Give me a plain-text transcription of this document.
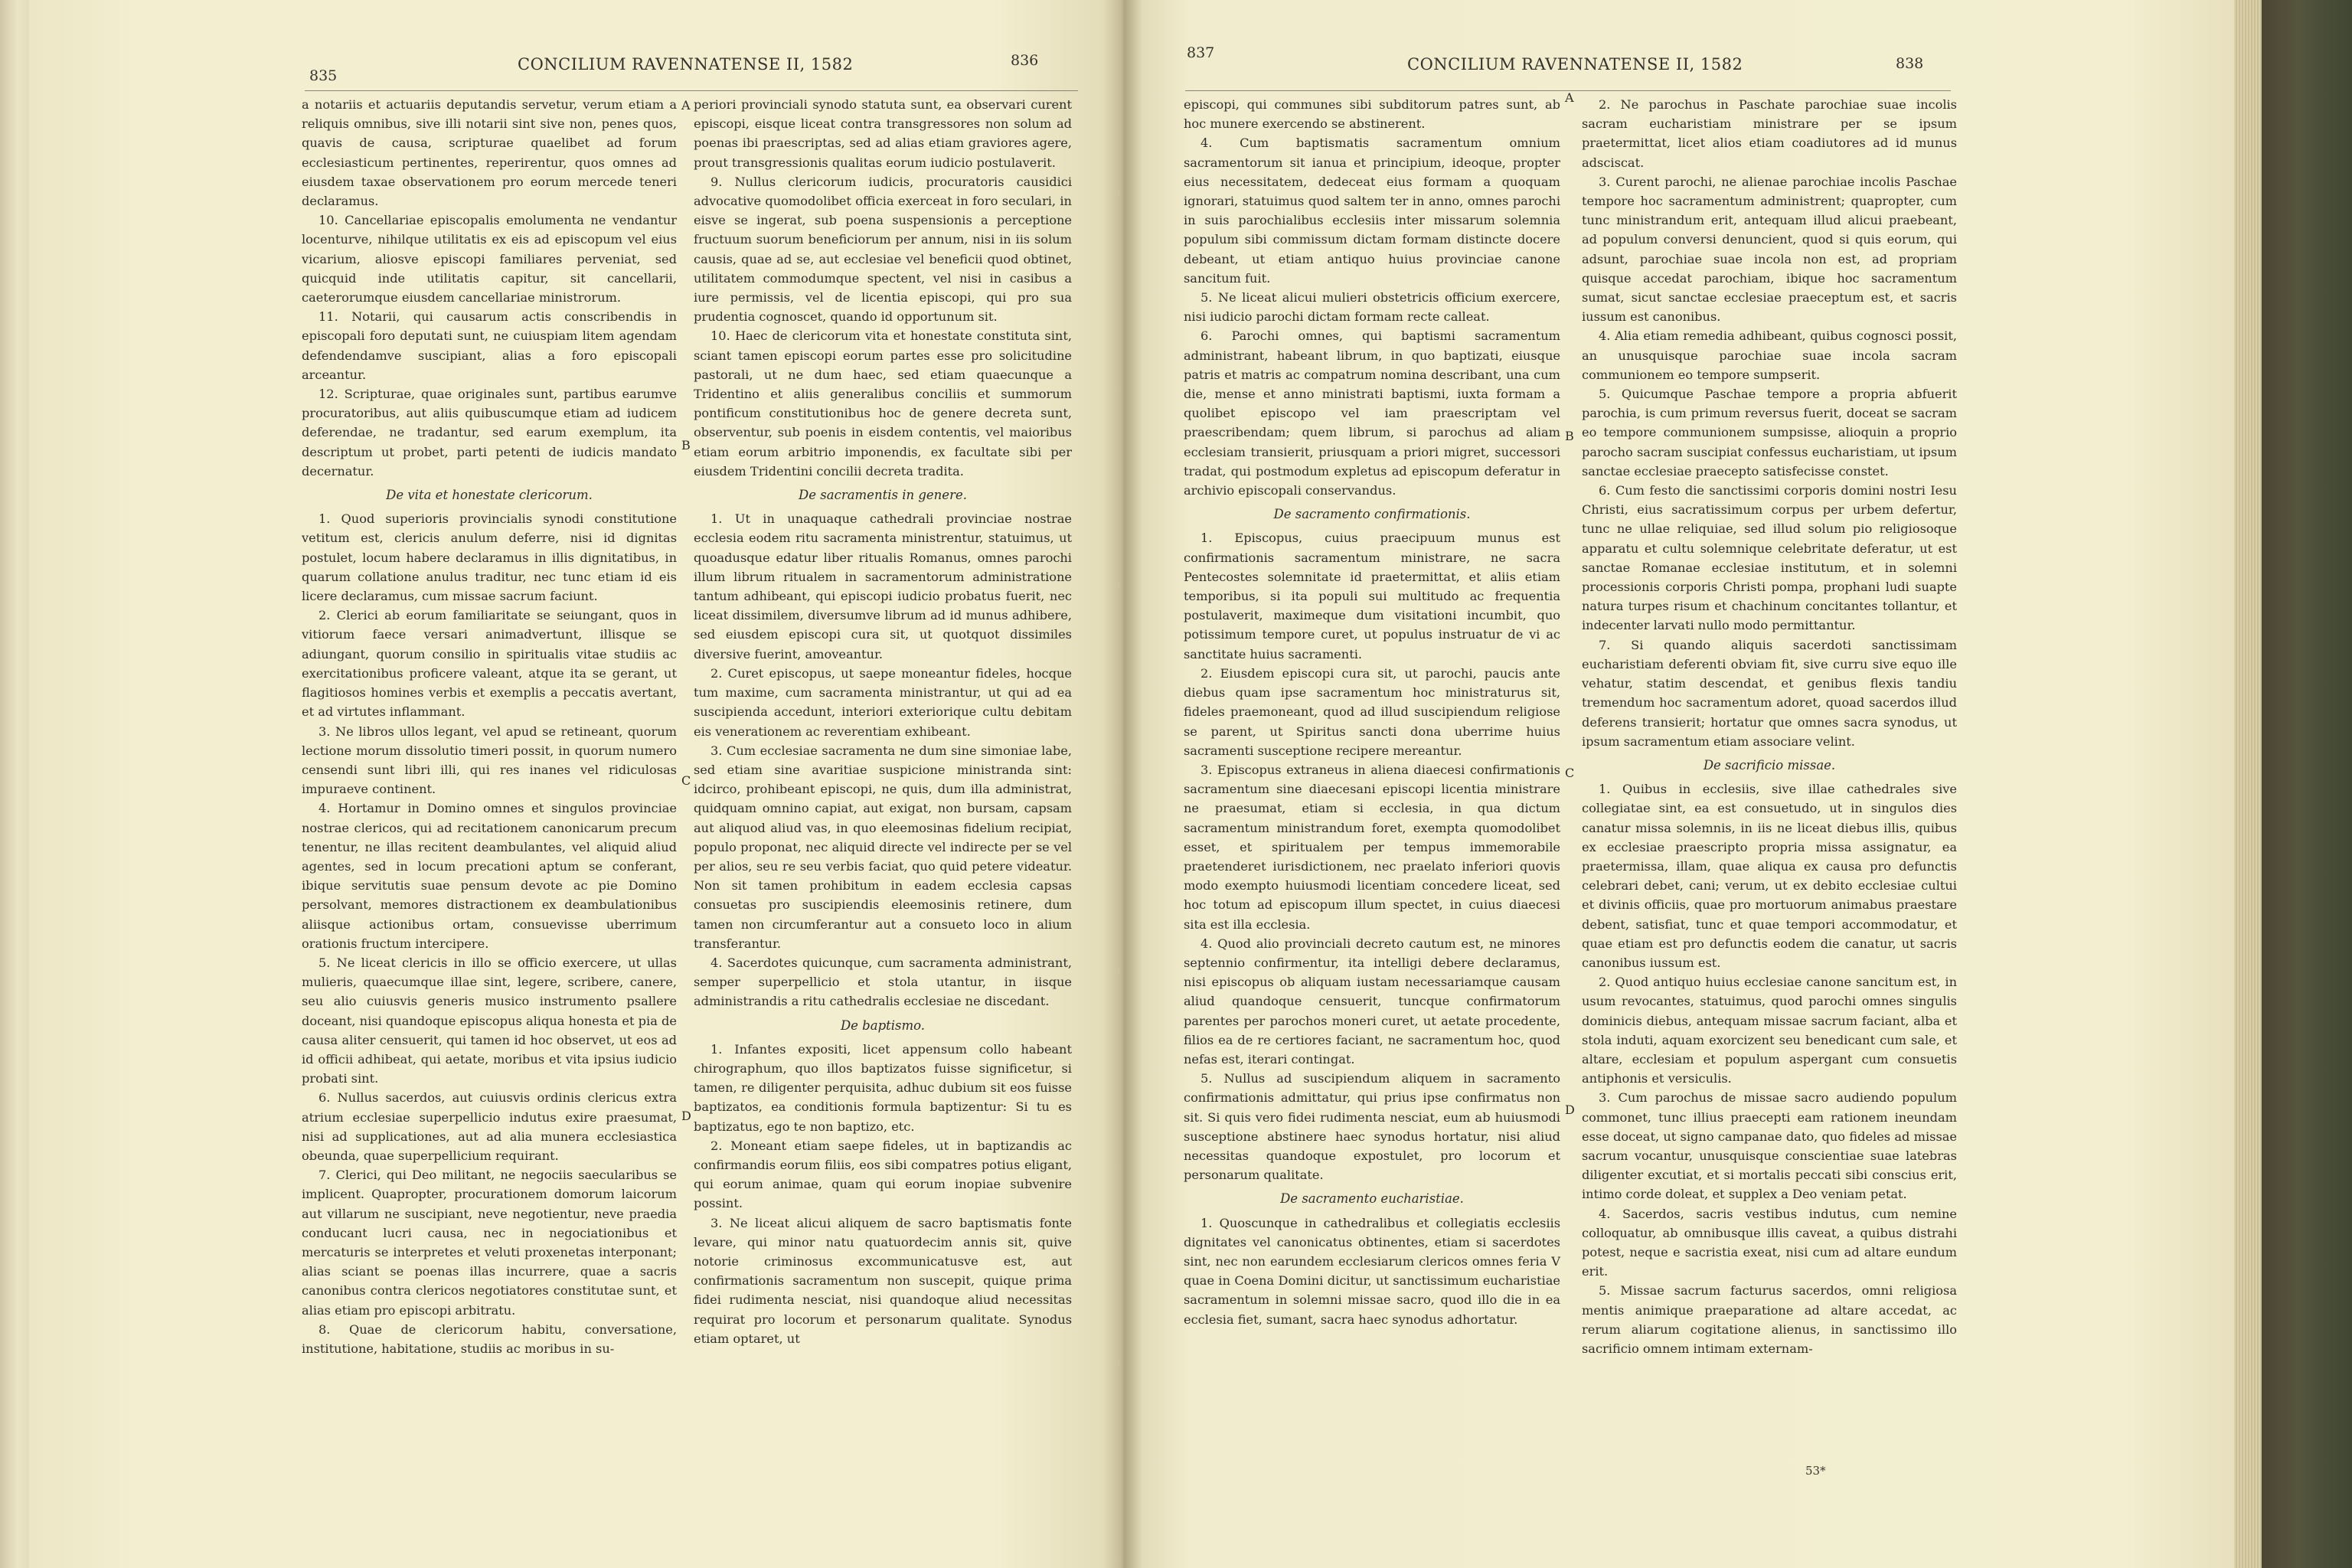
835
CONCILIUM RAVENNATENSE II, 1582	836

a notariis et actuariis deputandis servetur, verum etiam a reliquis omnibus, sive illi notarii sint sive non, penes quos, quavis de causa, scripturae quaelibet ad forum ecclesiasticum pertinentes, reperirentur, quos omnes ad eiusdem taxae observationem pro eorum mercede teneri declaramus.

10. Cancellariae episcopalis emolumenta ne vendantur locenturve, nihilque utilitatis ex eis ad episcopum vel eius vicarium, aliosve episcopi familiares perveniat, sed quicquid inde utilitatis capitur, sit cancellarii, caeterorumque eiusdem cancellariae ministrorum.

11. Notarii, qui causarum actis conscribendis in episcopali foro deputati sunt, ne cuiuspiam litem agendam defendendamve suscipiant, alias a foro episcopali arceantur.

12. Scripturae, quae originales sunt, partibus earumve procuratoribus, aut aliis quibuscumque etiam ad iudicem deferendae, ne tradantur, sed earum exemplum, ita descriptum ut probet, parti petenti de iudicis mandato decernatur.

De vita et honestate clericorum.

1. Quod superioris provincialis synodi constitutione vetitum est, clericis anulum deferre, nisi id dignitas postulet, locum habere declaramus in illis dignitatibus, in quarum collatione anulus traditur, nec tunc etiam id eis licere declaramus, cum missae sacrum faciunt.

2. Clerici ab eorum familiaritate se seiungant, quos in vitiorum faece versari animadvertunt, illisque se adiungant, quorum consilio in spiritualis vitae studiis ac exercitationibus proficere valeant, atque ita se gerant, ut flagitiosos homines verbis et exemplis a peccatis avertant, et ad virtutes inflammant.

3. Ne libros ullos legant, vel apud se retineant, quorum lectione morum dissolutio timeri possit, in quorum numero censendi sunt libri illi, qui res inanes vel ridiculosas impuraeve continent.

4. Hortamur in Domino omnes et singulos provinciae nostrae clericos, qui ad recitationem canonicarum precum tenentur, ne illas recitent deambulantes, vel aliquid aliud agentes, sed in locum precationi aptum se conferant, ibique servitutis suae pensum devote ac pie Domino persolvant, memores distractionem ex deambulationibus aliisque actionibus ortam, consuevisse uberrimum orationis fructum intercipere.

5. Ne liceat clericis in illo se officio exercere, ut ullas mulieris, quaecumque illae sint, legere, scribere, canere, seu alio cuiusvis generis musico instrumento psallere doceant, nisi quandoque episcopus aliqua honesta et pia de causa aliter censuerit, qui tamen id hoc observet, ut eos ad id officii adhibeat, qui aetate, moribus et vita ipsius iudicio probati sint.

6. Nullus sacerdos, aut cuiusvis ordinis clericus extra atrium ecclesiae superpellicio indutus exire praesumat, nisi ad supplicationes, aut ad alia munera ecclesiastica obeunda, quae superpellicium requirant.

7. Clerici, qui Deo militant, ne negociis saecularibus se implicent. Quapropter, procurationem domorum laicorum aut villarum ne suscipiant, neve negotientur, neve praedia conducant lucri causa, nec in negociationibus et mercaturis se interpretes et veluti proxenetas interponant; alias sciant se poenas illas incurrere, quae a sacris canonibus contra clericos negotiatores constitutae sunt, et alias etiam pro episcopi arbitratu.

8. Quae de clericorum habitu, conversatione, institutione, habitatione, studiis ac moribus in su-

periori provinciali synodo statuta sunt, ea observari curent episcopi, eisque liceat contra transgressores non solum ad poenas ibi praescriptas, sed ad alias etiam graviores agere, prout transgressionis qualitas eorum iudicio postulaverit.

9. Nullus clericorum iudicis, procuratoris causidici advocative quomodolibet officia exerceat in foro seculari, in eisve se ingerat, sub poena suspensionis a perceptione fructuum suorum beneficiorum per annum, nisi in iis solum causis, quae ad se, aut ecclesiae vel beneficii quod obtinet, utilitatem commodumque spectent, vel nisi in casibus a iure permissis, vel de licentia episcopi, qui pro sua prudentia cognoscet, quando id opportunum sit.

10. Haec de clericorum vita et honestate constituta sint, sciant tamen episcopi eorum partes esse pro solicitudine pastorali, ut ne dum haec, sed etiam quaecunque a Tridentino et aliis generalibus conciliis et summorum pontificum constitutionibus hoc de genere decreta sunt, observentur, sub poenis in eisdem contentis, vel maioribus etiam eorum arbitrio imponendis, ex facultate sibi per eiusdem Tridentini concilii decreta tradita.

De sacramentis in genere.

1. Ut in unaquaque cathedrali provinciae nostrae ecclesia eodem ritu sacramenta ministrentur, statuimus, ut quoadusque edatur liber ritualis Romanus, omnes parochi illum librum ritualem in sacramentorum administratione tantum adhibeant, qui episcopi iudicio probatus fuerit, nec liceat dissimilem, diversumve librum ad id munus adhibere, sed eiusdem episcopi cura sit, ut quotquot dissimiles diversive fuerint, amoveantur.

2. Curet episcopus, ut saepe moneantur fideles, hocque tum maxime, cum sacramenta ministrantur, ut qui ad ea suscipienda accedunt, interiori exteriorique cultu debitam eis venerationem ac reverentiam exhibeant.

3. Cum ecclesiae sacramenta ne dum sine simoniae labe, sed etiam sine avaritiae suspicione ministranda sint: idcirco, prohibeant episcopi, ne quis, dum illa administrat, quidquam omnino capiat, aut exigat, non bursam, capsam aut aliquod aliud vas, in quo eleemosinas fidelium recipiat, populo proponat, nec aliquid directe vel indirecte per se vel per alios, seu re seu verbis faciat, quo quid petere videatur. Non sit tamen prohibitum in eadem ecclesia capsas consuetas pro suscipiendis eleemosinis retinere, dum tamen non circumferantur aut a consueto loco in alium transferantur.

4. Sacerdotes quicunque, cum sacramenta administrant, semper superpellicio et stola utantur, in iisque administrandis a ritu cathedralis ecclesiae ne discedant.

De baptismo.

1. Infantes expositi, licet appensum collo habeant chirographum, quo illos baptizatos fuisse significetur, si tamen, re diligenter perquisita, adhuc dubium sit eos fuisse baptizatos, ea conditionis formula baptizentur: Si tu es baptizatus, ego te non baptizo, etc.

2. Moneant etiam saepe fideles, ut in baptizandis ac confirmandis eorum filiis, eos sibi compatres potius eligant, qui eorum animae, quam qui eorum inopiae subvenire possint.

3. Ne liceat alicui aliquem de sacro baptismatis fonte levare, qui minor natu quatuordecim annis sit, quive notorie criminosus excommunicatusve est, aut confirmationis sacramentum non suscepit, quique prima fidei rudimenta nesciat, nisi quandoque aliud necessitas requirat pro locorum et personarum qualitate. Synodus etiam optaret, ut

A
B
C
D
837
CONCILIUM RAVENNATENSE II, 1582	838

episcopi, qui communes sibi subditorum patres sunt, ab hoc munere exercendo se abstinerent.

4. Cum baptismatis sacramentum omnium sacramentorum sit ianua et principium, ideoque, propter eius necessitatem, dedeceat eius formam a quoquam ignorari, statuimus quod saltem ter in anno, omnes parochi in suis parochialibus ecclesiis inter missarum solemnia populum sibi commissum dictam formam distincte docere debeant, ut etiam antiquo huius provinciae canone sancitum fuit.

5. Ne liceat alicui mulieri obstetricis officium exercere, nisi iudicio parochi dictam formam recte calleat.

6. Parochi omnes, qui baptismi sacramentum administrant, habeant librum, in quo baptizati, eiusque patris et matris ac compatrum nomina describant, una cum die, mense et anno ministrati baptismi, iuxta formam a quolibet episcopo vel iam praescriptam vel praescribendam; quem librum, si parochus ad aliam ecclesiam transierit, priusquam a priori migret, successori tradat, qui postmodum expletus ad episcopum deferatur in archivio episcopali conservandus.

De sacramento confirmationis.

1. Episcopus, cuius praecipuum munus est confirmationis sacramentum ministrare, ne sacra Pentecostes solemnitate id praetermittat, et aliis etiam temporibus, si ita populi sui multitudo ac frequentia postulaverit, maximeque dum visitationi incumbit, quo potissimum tempore curet, ut populus instruatur de vi ac sanctitate huius sacramenti.

2. Eiusdem episcopi cura sit, ut parochi, paucis ante diebus quam ipse sacramentum hoc ministraturus sit, fideles praemoneant, quod ad illud suscipiendum religiose se parent, ut Spiritus sancti dona uberrime huius sacramenti susceptione recipere mereantur.

3. Episcopus extraneus in aliena diaecesi confirmationis sacramentum sine diaecesani episcopi licentia ministrare ne praesumat, etiam si ecclesia, in qua dictum sacramentum ministrandum foret, exempta quomodolibet esset, et spiritualem per tempus immemorabile praetenderet iurisdictionem, nec praelato inferiori quovis modo exempto huiusmodi licentiam concedere liceat, sed hoc totum ad episcopum illum spectet, in cuius diaecesi sita est illa ecclesia.

4. Quod alio provinciali decreto cautum est, ne minores septennio confirmentur, ita intelligi debere declaramus, nisi episcopus ob aliquam iustam necessariamque causam aliud quandoque censuerit, tuncque confirmatorum parentes per parochos moneri curet, ut aetate procedente, filios ea de re certiores faciant, ne sacramentum hoc, quod nefas est, iterari contingat.

5. Nullus ad suscipiendum aliquem in sacramento confirmationis admittatur, qui prius ipse confirmatus non sit. Si quis vero fidei rudimenta nesciat, eum ab huiusmodi susceptione abstinere haec synodus hortatur, nisi aliud necessitas quandoque expostulet, pro locorum et personarum qualitate.

De sacramento eucharistiae.

1. Quoscunque in cathedralibus et collegiatis ecclesiis dignitates vel canonicatus obtinentes, etiam si sacerdotes sint, nec non earundem ecclesiarum clericos omnes feria V quae in Coena Domini dicitur, ut sanctissimum eucharistiae sacramentum in solemni missae sacro, quod illo die in ea ecclesia fiet, sumant, sacra haec synodus adhortatur.

2. Ne parochus in Paschate parochiae suae incolis sacram eucharistiam ministrare per se ipsum praetermittat, licet alios etiam coadiutores ad id munus adsciscat.

3. Curent parochi, ne alienae parochiae incolis Paschae tempore hoc sacramentum administrent; quapropter, cum tunc ministrandum erit, antequam illud alicui praebeant, ad populum conversi denuncient, quod si quis eorum, qui adsunt, parochiae suae incola non est, ad propriam quisque accedat parochiam, ibique hoc sacramentum sumat, sicut sanctae ecclesiae praeceptum est, et sacris iussum est canonibus.

4. Alia etiam remedia adhibeant, quibus cognosci possit, an unusquisque parochiae suae incola sacram communionem eo tempore sumpserit.

5. Quicumque Paschae tempore a propria abfuerit parochia, is cum primum reversus fuerit, doceat se sacram eo tempore communionem sumpsisse, alioquin a proprio parocho sacram suscipiat confessus eucharistiam, ut ipsum sanctae ecclesiae praecepto satisfecisse constet.

6. Cum festo die sanctissimi corporis domini nostri Iesu Christi, eius sacratissimum corpus per urbem defertur, tunc ne ullae reliquiae, sed illud solum pio religiosoque apparatu et cultu solemnique celebritate deferatur, ut est sanctae Romanae ecclesiae institutum, et in solemni processionis corporis Christi pompa, prophani ludi suapte natura turpes risum et chachinum concitantes tollantur, et indecenter larvati nullo modo permittantur.

7. Si quando aliquis sacerdoti sanctissimam eucharistiam deferenti obviam fit, sive curru sive equo ille vehatur, statim descendat, et genibus flexis tandiu tremendum hoc sacramentum adoret, quoad sacerdos illud deferens transierit; hortatur que omnes sacra synodus, ut ipsum sacramentum etiam associare velint.

De sacrificio missae.

1. Quibus in ecclesiis, sive illae cathedrales sive collegiatae sint, ea est consuetudo, ut in singulos dies canatur missa solemnis, in iis ne liceat diebus illis, quibus ex ecclesiae praescripto propria missa assignatur, ea praetermissa, illam, quae aliqua ex causa pro defunctis celebrari debet, cani; verum, ut ex debito ecclesiae cultui et divinis officiis, quae pro mortuorum animabus praestare debent, satisfiat, tunc et quae tempori accommodatur, et quae etiam est pro defunctis eodem die canatur, ut sacris canonibus iussum est.

2. Quod antiquo huius ecclesiae canone sancitum est, in usum revocantes, statuimus, quod parochi omnes singulis dominicis diebus, antequam missae sacrum faciant, alba et stola induti, aquam exorcizent seu benedicant cum sale, et altare, ecclesiam et populum aspergant cum consuetis antiphonis et versiculis.

3. Cum parochus de missae sacro audiendo populum commonet, tunc illius praecepti eam rationem ineundam esse doceat, ut signo campanae dato, quo fideles ad missae sacrum vocantur, unusquisque conscientiae suae latebras diligenter excutiat, et si mortalis peccati sibi conscius erit, intimo corde doleat, et supplex a Deo veniam petat.

4. Sacerdos, sacris vestibus indutus, cum nemine colloquatur, ab omnibusque illis caveat, a quibus distrahi potest, neque e sacristia exeat, nisi cum ad altare eundum erit.

5. Missae sacrum facturus sacerdos, omni religiosa mentis animique praeparatione ad altare accedat, ac rerum aliarum cogitatione alienus, in sanctissimo illo sacrificio omnem intimam externam-

A
B
C
D
53*
